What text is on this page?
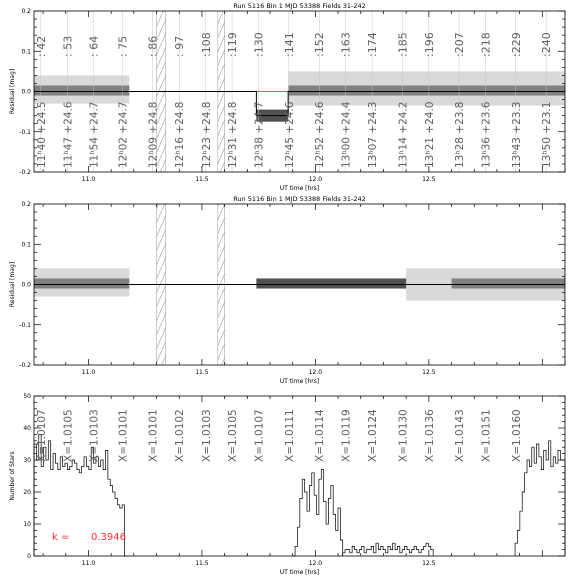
11.0	11.5	12.0	12.5
-0.2
-0.1
0.0
0.1
0.2
Run 5116 Bin 1 MJD 53388 Fields 31-242
UT time [hrs]
Residual [mag]
: 42 : 53 : 64 : 75 : 86 : 97 :108 :119 :130 :141 :152 :163 :174 :185 :196 :207 :218 :229 :240
11ʰ40 +24.5 11ʰ47 +24.6 11ʰ54 +24.7 12ʰ02 +24.7 12ʰ09 +24.8 12ʰ16 +24.8 12ʰ23 +24.8 12ʰ31 +24.8 12ʰ38 +24.7 12ʰ45 +24.6 12ʰ52 +24.6 13ʰ00 +24.4 13ʰ07 +24.3 13ʰ14 +24.2 13ʰ21 +24.0 13ʰ28 +23.8 13ʰ36 +23.6 13ʰ43 +23.3 13ʰ50 +23.1
11.0	11.5	12.0	12.5
-0.2
-0.1
0.0
0.1
0.2
Run 5116 Bin 1 MJD 53388 Fields 31-242
UT time [hrs]
Residual [mag]
11.0	11.5	12.0	12.5
0
10
20
30
40
50
UT time [hrs]
Number of Stars
X=1.0107 X=1.0105 X=1.0103 X=1.0101 X=1.0101 X=1.0102 X=1.0103 X=1.0105 X=1.0107 X=1.0111 X=1.0114 X=1.0119 X=1.0124 X=1.0130 X=1.0136 X=1.0143 X=1.0151 X=1.0160
k = 0.3946
